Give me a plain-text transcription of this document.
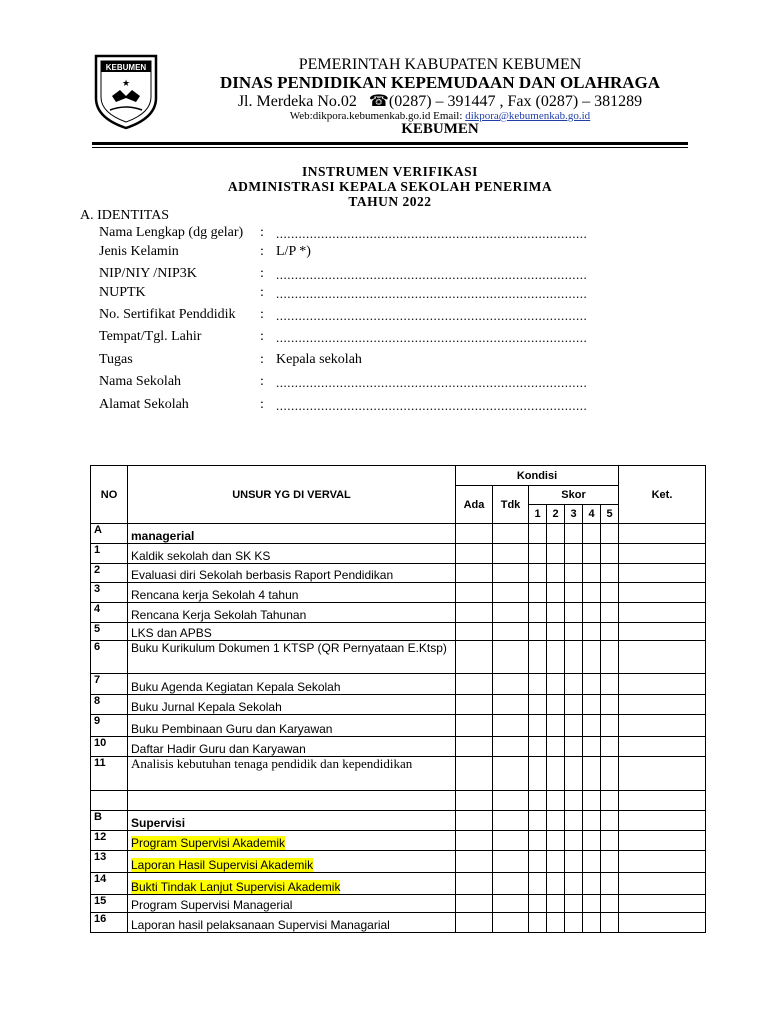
KEBUMEN
★
PEMERINTAH KABUPATEN KEBUMEN
DINAS PENDIDIKAN KEPEMUDAAN DAN OLAHRAGA
Jl. Merdeka No.02 ☎(0287) – 391447 , Fax (0287) – 381289
Web:dikpora.kebumenkab.go.id Email: dikpora@kebumenkab.go.id
KEBUMEN
INSTRUMEN VERIFIKASI
ADMINISTRASI KEPALA SEKOLAH PENERIMA
TAHUN 2022
A. IDENTITAS
Nama Lengkap (dg gelar) : ...................................................................................
Jenis Kelamin	: L/P *)
NIP/NIY /NIP3K	: ...................................................................................
NUPTK	: ...................................................................................
No. Sertifikat Penddidik : ...................................................................................
Tempat/Tgl. Lahir	: ...................................................................................
Tugas	: Kepala sekolah
Nama Sekolah	: ...................................................................................
Alamat Sekolah	: ...................................................................................
NO	UNSUR YG DI VERVAL	Kondisi							Ket.
		Ada	Tdk	Skor					
				1	2	3	4	5	
A	managerial								
1	Kaldik sekolah dan SK KS								
2	Evaluasi diri Sekolah berbasis Raport Pendidikan								
3	Rencana kerja Sekolah 4 tahun								
4	Rencana Kerja Sekolah Tahunan								
5	LKS dan APBS								
6	Buku Kurikulum Dokumen 1 KTSP (QR Pernyataan E.Ktsp)								
7	Buku Agenda Kegiatan Kepala Sekolah								
8	Buku Jurnal Kepala Sekolah								
9	Buku Pembinaan Guru dan Karyawan								
10	Daftar Hadir Guru dan Karyawan								
11	Analisis kebutuhan tenaga pendidik dan kependidikan								

B	Supervisi								
12	Program Supervisi Akademik								
13	Laporan Hasil Supervisi Akademik								
14	Bukti Tindak Lanjut Supervisi Akademik								
15	Program Supervisi Managerial								
16	Laporan hasil pelaksanaan Supervisi Managarial								
